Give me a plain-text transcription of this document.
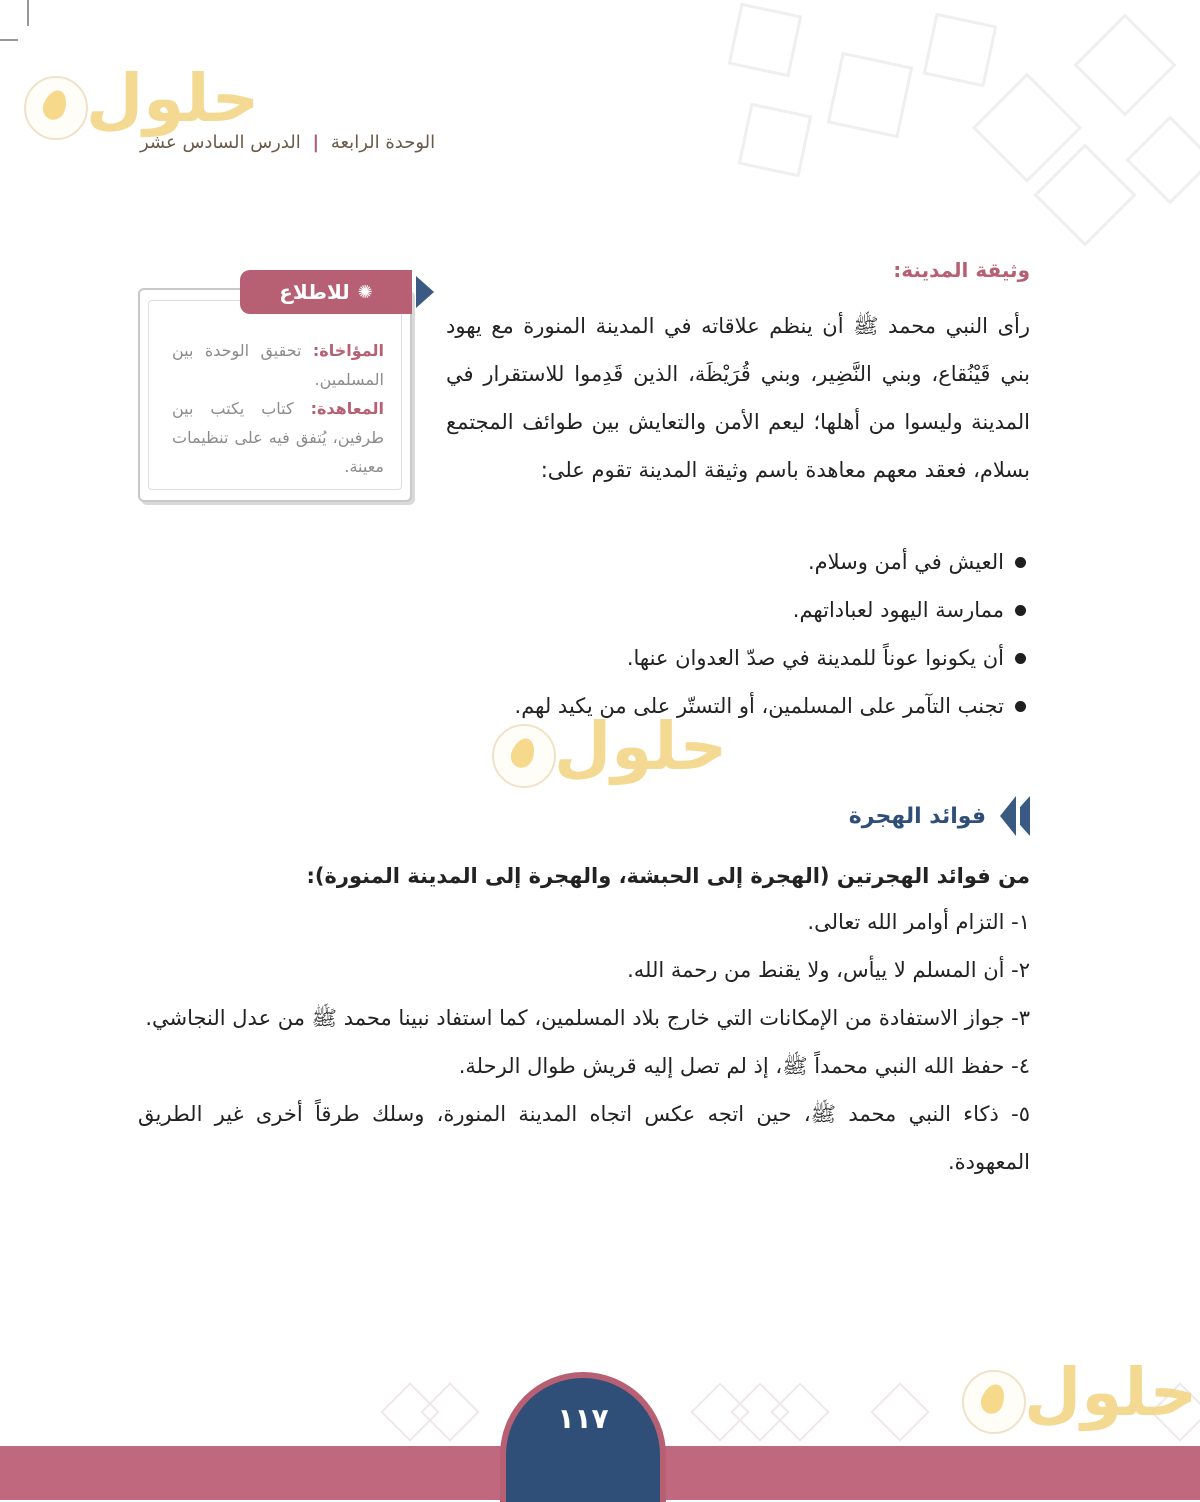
حلول
حلول
حلول
الوحدة الرابعة | الدرس السادس عشر
✺
للاطلاع
المؤاخاة: تحقيق الوحدة بين المسلمين.
المعاهدة: كتاب يكتب بين طرفين، يُتفق فيه على تنظيمات معينة.
وثيقة المدينة:
رأى النبي محمد ﷺ أن ينظم علاقاته في المدينة المنورة مع يهود بني قَيْنُقاع، وبني النَّضِير، وبني قُرَيْظَة، الذين قَدِموا للاستقرار في المدينة وليسوا من أهلها؛ ليعم الأمن والتعايش بين طوائف المجتمع بسلام، فعقد معهم معاهدة باسم وثيقة المدينة تقوم على:
العيش في أمن وسلام.
ممارسة اليهود لعباداتهم.
أن يكونوا عوناً للمدينة في صدّ العدوان عنها.
تجنب التآمر على المسلمين، أو التستّر على من يكيد لهم.
فوائد الهجرة
من فوائد الهجرتين (الهجرة إلى الحبشة، والهجرة إلى المدينة المنورة):
١- التزام أوامر الله تعالى.
٢- أن المسلم لا ييأس، ولا يقنط من رحمة الله.
٣- جواز الاستفادة من الإمكانات التي خارج بلاد المسلمين، كما استفاد نبينا محمد ﷺ من عدل النجاشي.
٤- حفظ الله النبي محمداً ﷺ، إذ لم تصل إليه قريش طوال الرحلة.
٥- ذكاء النبي محمد ﷺ، حين اتجه عكس اتجاه المدينة المنورة، وسلك طرقاً أخرى غير الطريق المعهودة.
١١٧
